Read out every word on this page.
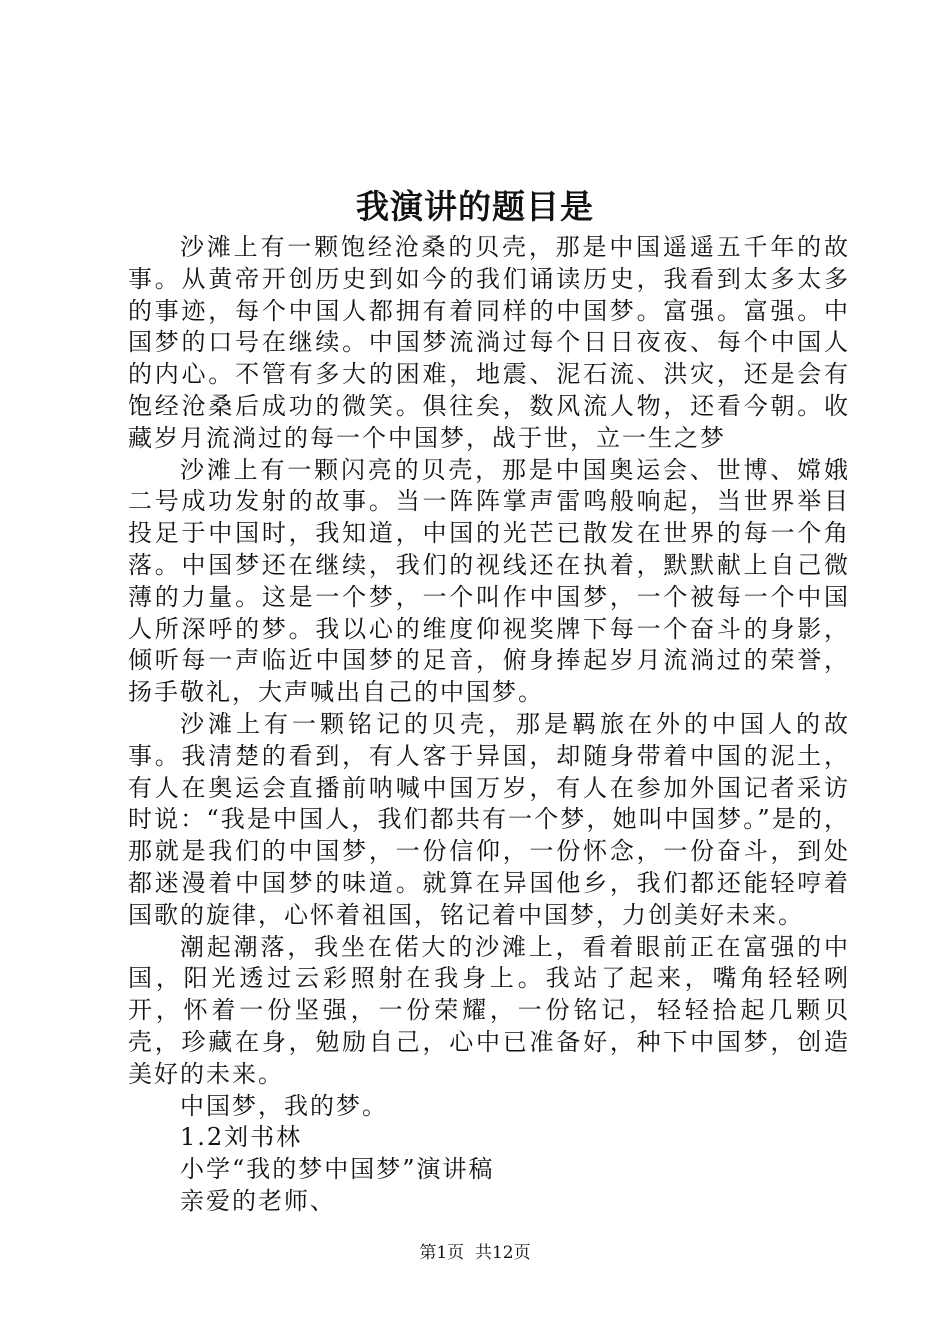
我演讲的题目是

沙滩上有一颗饱经沧桑的贝壳，那是中国遥遥五千年的故事。从黄帝开创历史到如今的我们诵读历史，我看到太多太多的事迹，每个中国人都拥有着同样的中国梦。富强。富强。中国梦的口号在继续。中国梦流淌过每个日日夜夜、每个中国人的内心。不管有多大的困难，地震、泥石流、洪灾，还是会有饱经沧桑后成功的微笑。俱往矣，数风流人物，还看今朝。收藏岁月流淌过的每一个中国梦，战于世，立一生之梦

沙滩上有一颗闪亮的贝壳，那是中国奥运会、世博、嫦娥二号成功发射的故事。当一阵阵掌声雷鸣般响起，当世界举目投足于中国时，我知道，中国的光芒已散发在世界的每一个角落。中国梦还在继续，我们的视线还在执着，默默献上自己微薄的力量。这是一个梦，一个叫作中国梦，一个被每一个中国人所深呼的梦。我以心的维度仰视奖牌下每一个奋斗的身影，倾听每一声临近中国梦的足音，俯身捧起岁月流淌过的荣誉，扬手敬礼，大声喊出自己的中国梦。

沙滩上有一颗铭记的贝壳，那是羁旅在外的中国人的故事。我清楚的看到，有人客于异国，却随身带着中国的泥土，有人在奥运会直播前呐喊中国万岁，有人在参加外国记者采访时说：“我是中国人，我们都共有一个梦，她叫中国梦。”是的，那就是我们的中国梦，一份信仰，一份怀念，一份奋斗，到处都迷漫着中国梦的味道。就算在异国他乡，我们都还能轻哼着国歌的旋律，心怀着祖国，铭记着中国梦，力创美好未来。

潮起潮落，我坐在偌大的沙滩上，看着眼前正在富强的中国，阳光透过云彩照射在我身上。我站了起来，嘴角轻轻咧开，怀着一份坚强，一份荣耀，一份铭记，轻轻拾起几颗贝壳，珍藏在身，勉励自己，心中已准备好，种下中国梦，创造美好的未来。

中国梦，我的梦。

1.2刘书林

小学“我的梦中国梦”演讲稿

亲爱的老师、

第1页  共12页
